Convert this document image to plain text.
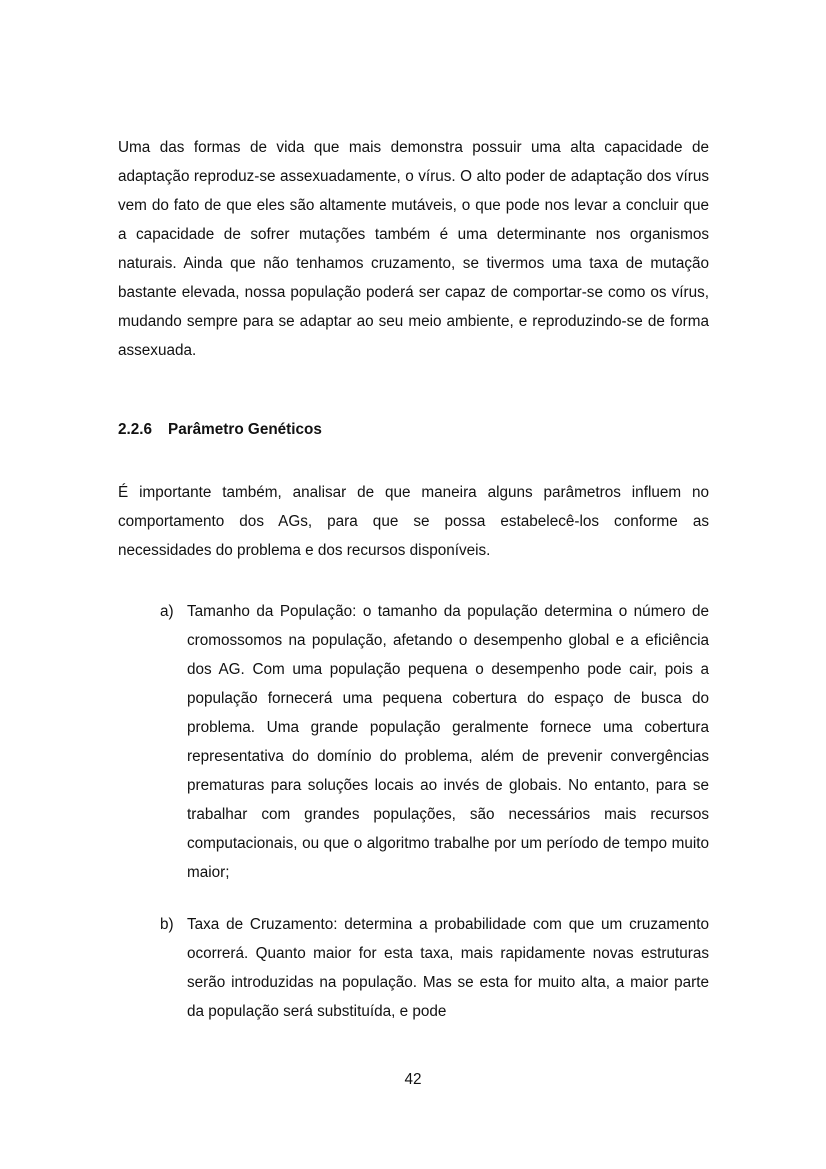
Uma das formas de vida que mais demonstra possuir uma alta capacidade de adaptação reproduz-se assexuadamente, o vírus. O alto poder de adaptação dos vírus vem do fato de que eles são altamente mutáveis, o que pode nos levar a concluir que a capacidade de sofrer mutações também é uma determinante nos organismos naturais. Ainda que não tenhamos cruzamento, se tivermos uma taxa de mutação bastante elevada, nossa população poderá ser capaz de comportar-se como os vírus, mudando sempre para se adaptar ao seu meio ambiente, e reproduzindo-se de forma assexuada.

2.2.6 Parâmetro Genéticos

É importante também, analisar de que maneira alguns parâmetros influem no comportamento dos AGs, para que se possa estabelecê-los conforme as necessidades do problema e dos recursos disponíveis.

a) Tamanho da População: o tamanho da população determina o número de cromossomos na população, afetando o desempenho global e a eficiência dos AG. Com uma população pequena o desempenho pode cair, pois a população fornecerá uma pequena cobertura do espaço de busca do problema. Uma grande população geralmente fornece uma cobertura representativa do domínio do problema, além de prevenir convergências prematuras para soluções locais ao invés de globais. No entanto, para se trabalhar com grandes populações, são necessários mais recursos computacionais, ou que o algoritmo trabalhe por um período de tempo muito maior;
b) Taxa de Cruzamento: determina a probabilidade com que um cruzamento ocorrerá. Quanto maior for esta taxa, mais rapidamente novas estruturas serão introduzidas na população. Mas se esta for muito alta, a maior parte da população será substituída, e pode

42
